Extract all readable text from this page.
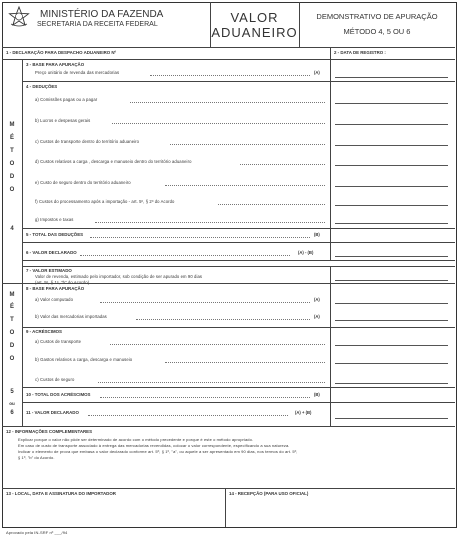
MINISTÉRIO DA FAZENDA
SECRETARIA DA RECEITA FEDERAL	VALOR
ADUANEIRO
DEMONSTRATIVO DE APURAÇÃO
MÉTODO 4, 5 OU 6
1 - DECLARAÇÃO PARA DESPACHO ADUANEIRO Nº	2 - DATA DE REGISTRO :
M
É
T
O
D
O
4
M
É
T
O
D
O
5
ou
6
3 - BASE PARA APURAÇÃO
Preço unitário de revenda das mercadorias	(A)
4 - DEDUÇÕES
a) Comissões pagas ou a pagar
b) Lucros e despesas gerais
c) Custos de transporte dentro do território aduaneiro
d) Custos relativos a carga , descarga e manuseio dentro do território aduaneiro
e) Custo de seguro dentro do território aduaneiro
f) Custos do processamento após a importação - art. 5º, § 2º do Acordo
g) Impostos e taxas
5 - TOTAL DAS DEDUÇÕES	(B)
6 - VALOR DECLARADO	(A) - (B)
7 - VALOR ESTIMADO
Valor de revenda, estimado pelo importador, sob condição de ser apurado em 90 dias
(art. 5º, § 1º, "b" do Acordo)
8 - BASE PARA APURAÇÃO
a) Valor computado	(A)
b) Valor das mercadorias importadas	(A)
9 - ACRÉSCIMOS
a) Custos de transporte
b) Gastos relativos a carga, descarga e manuseio
c) Custos de seguro
10 - TOTAL DOS ACRÉSCIMOS	(B)
11 - VALOR DECLARADO	(A) + (B)
12 - INFORMAÇÕES COMPLEMENTARES
Explicar porque o valor não pôde ser determinado de acordo com o método precedente e porque é este o método apropriado.
Em caso de custo de transporte associado à entrega das mercadorias revendidas, colocar o valor correspondente, especificando a sua natureza.
Indicar o elemento de prova que embasa o valor declarado conforme art. 5º, § 1º, "a", ou aquele a ser apresentado em 90 dias, nos termos do art. 5º,
§ 1º, "b" do Acordo.
13 - LOCAL, DATA E ASSINATURA DO IMPORTADOR	14 - RECEPÇÃO (PARA USO OFICIAL)
Aprovado pela IN-SRF nº ___/94
